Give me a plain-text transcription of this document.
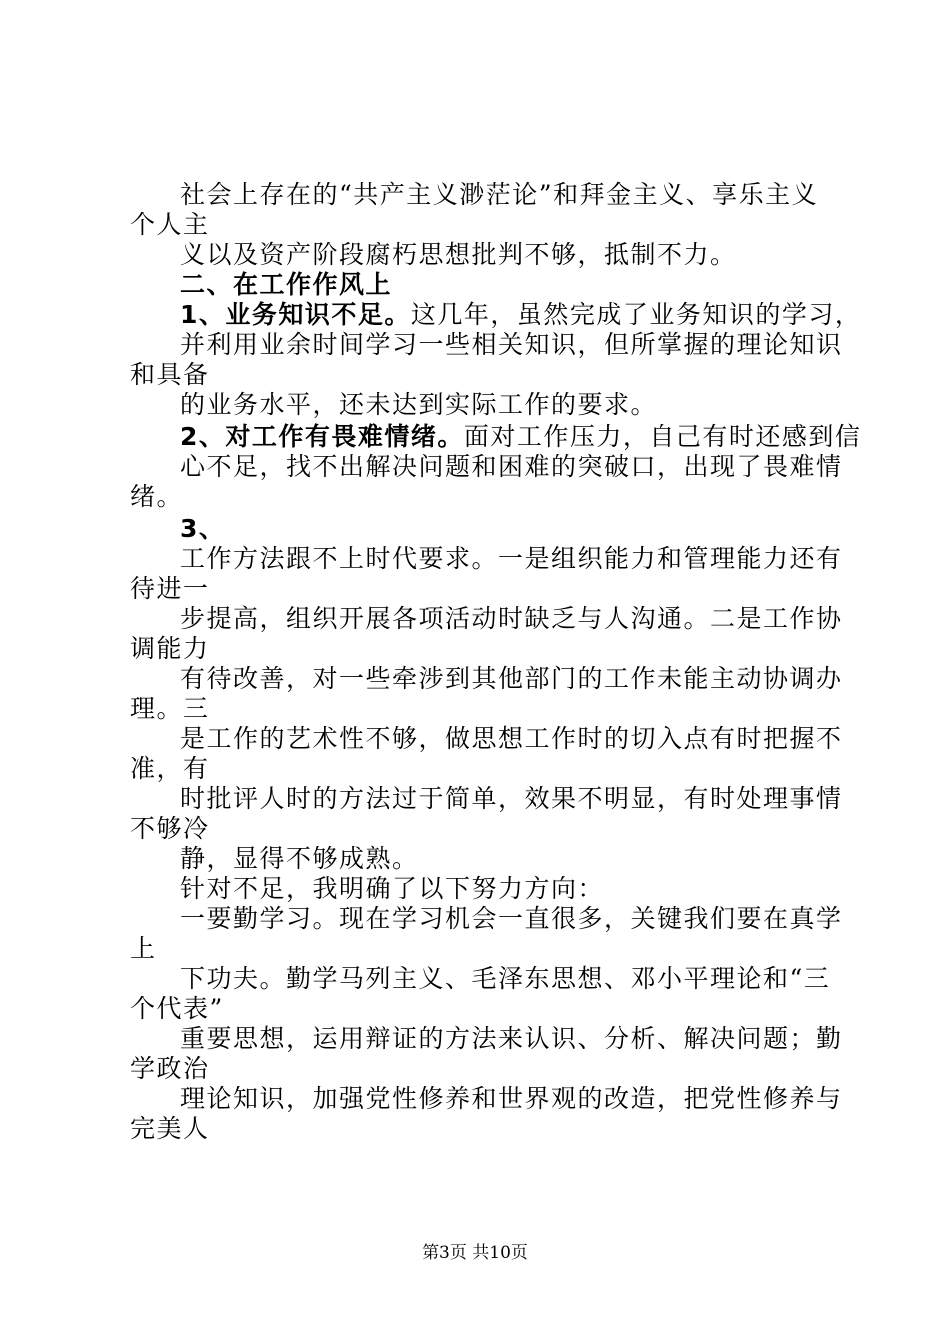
社会上存在的“共产主义渺茫论”和拜金主义、享乐主义
个人主
义以及资产阶段腐朽思想批判不够，抵制不力。
二、在工作作风上
1、业务知识不足。这几年，虽然完成了业务知识的学习，
并利用业余时间学习一些相关知识，但所掌握的理论知识
和具备
的业务水平，还未达到实际工作的要求。
2、对工作有畏难情绪。面对工作压力，自己有时还感到信
心不足，找不出解决问题和困难的突破口，出现了畏难情
绪。
3、
工作方法跟不上时代要求。一是组织能力和管理能力还有
待进一
步提高，组织开展各项活动时缺乏与人沟通。二是工作协
调能力
有待改善，对一些牵涉到其他部门的工作未能主动协调办
理。三
是工作的艺术性不够，做思想工作时的切入点有时把握不
准，有
时批评人时的方法过于简单，效果不明显，有时处理事情
不够冷
静，显得不够成熟。
针对不足，我明确了以下努力方向：
一要勤学习。现在学习机会一直很多，关键我们要在真学
上
下功夫。勤学马列主义、毛泽东思想、邓小平理论和“三
个代表”
重要思想，运用辩证的方法来认识、分析、解决问题；勤
学政治
理论知识，加强党性修养和世界观的改造，把党性修养与
完美人
第3页 共10页
